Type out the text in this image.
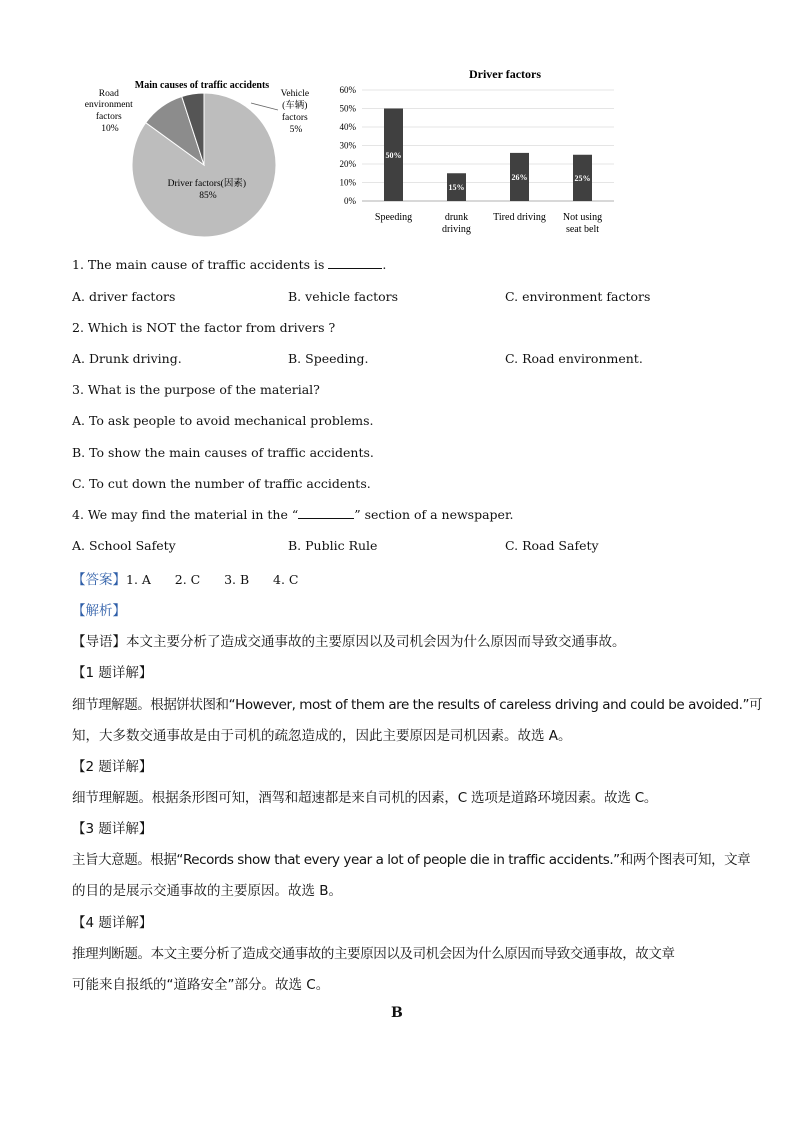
Main causes of traffic accidents
Road environment factors 10%
Vehicle (车辆) factors 5%
Driver factors(因素) 85%
Driver factors
0%
10%
20%
30%
40%
50%
60%
50%
15%
26%	25%
Speeding	drunk driving
Tired driving Not using seat belt
1. The main cause of traffic accidents is	.
A. driver factors	B. vehicle factors	C. environment factors
2. Which is NOT the factor from drivers ?
A. Drunk driving.	B. Speeding.	C. Road environment.
3. What is the purpose of the material?
A. To ask people to avoid mechanical problems.
B. To show the main causes of traffic accidents.
C. To cut down the number of traffic accidents.
4. We may find the material in the “	” section of a newspaper.
A. School Safety	B. Public Rule	C. Road Safety
【答案】1. A      2. C      3. B      4. C
【解析】
【导语】本文主要分析了造成交通事故的主要原因以及司机会因为什么原因而导致交通事故。
【1 题详解】
细节理解题。根据饼状图和“However, most of them are the results of careless driving and could be avoided.”可
知，大多数交通事故是由于司机的疏忽造成的，因此主要原因是司机因素。故选 A。
【2 题详解】
细节理解题。根据条形图可知，酒驾和超速都是来自司机的因素，C 选项是道路环境因素。故选 C。
【3 题详解】
主旨大意题。根据“Records show that every year a lot of people die in traffic accidents.”和两个图表可知，文章
的目的是展示交通事故的主要原因。故选 B。
【4 题详解】
推理判断题。本文主要分析了造成交通事故的主要原因以及司机会因为什么原因而导致交通事故，故文章
可能来自报纸的“道路安全”部分。故选 C。
B
